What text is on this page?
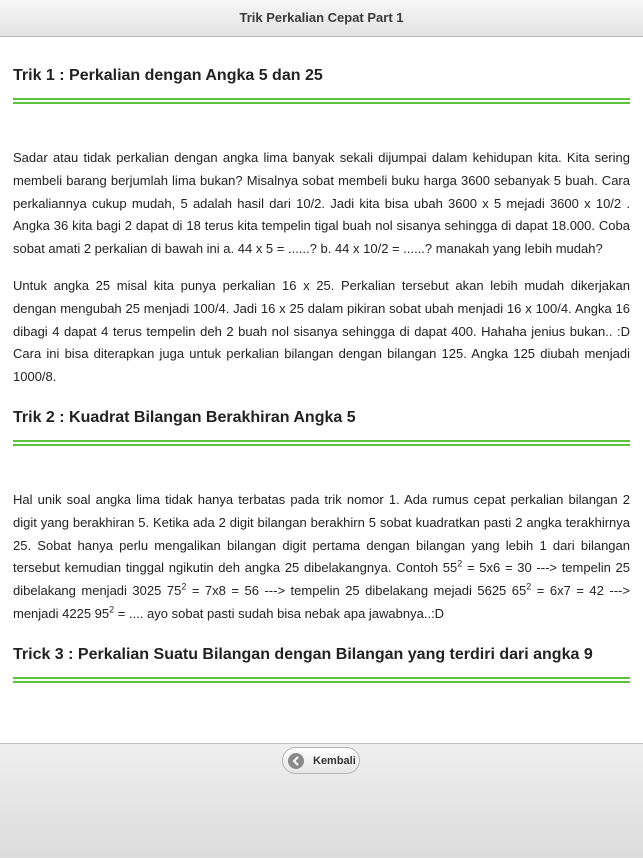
Trik Perkalian Cepat Part 1
Trik 1 : Perkalian dengan Angka 5 dan 25

Sadar atau tidak perkalian dengan angka lima banyak sekali dijumpai dalam kehidupan kita. Kita sering membeli barang berjumlah lima bukan? Misalnya sobat membeli buku harga 3600 sebanyak 5 buah. Cara perkaliannya cukup mudah, 5 adalah hasil dari 10/2. Jadi kita bisa ubah 3600 x 5 mejadi 3600 x 10/2 . Angka 36 kita bagi 2 dapat di 18 terus kita tempelin tigal buah nol sisanya sehingga di dapat 18.000. Coba sobat amati 2 perkalian di bawah ini a. 44 x 5 = ......? b. 44 x 10/2 = ......? manakah yang lebih mudah?

Untuk angka 25 misal kita punya perkalian 16 x 25. Perkalian tersebut akan lebih mudah dikerjakan dengan mengubah 25 menjadi 100/4. Jadi 16 x 25 dalam pikiran sobat ubah menjadi 16 x 100/4. Angka 16 dibagi 4 dapat 4 terus tempelin deh 2 buah nol sisanya sehingga di dapat 400. Hahaha jenius bukan.. :D Cara ini bisa diterapkan juga untuk perkalian bilangan dengan bilangan 125. Angka 125 diubah menjadi 1000/8.

Trik 2 : Kuadrat Bilangan Berakhiran Angka 5

Hal unik soal angka lima tidak hanya terbatas pada trik nomor 1. Ada rumus cepat perkalian bilangan 2 digit yang berakhiran 5. Ketika ada 2 digit bilangan berakhirn 5 sobat kuadratkan pasti 2 angka terakhirnya 25. Sobat hanya perlu mengalikan bilangan digit pertama dengan bilangan yang lebih 1 dari bilangan tersebut kemudian tinggal ngikutin deh angka 25 dibelakangnya. Contoh $55^2 = 5x6 = 30$ ---> tempelin 25 dibelakang menjadi 3025 $75^2 = 7x8 = 56$ ---> tempelin 25 dibelakang mejadi 5625 $65^2 = 6x7 = 42$ ---> menjadi 4225 $95^2$ = .... ayo sobat pasti sudah bisa nebak apa jawabnya..:D

Trick 3 : Perkalian Suatu Bilangan dengan Bilangan yang terdiri dari angka 9
Kembali
